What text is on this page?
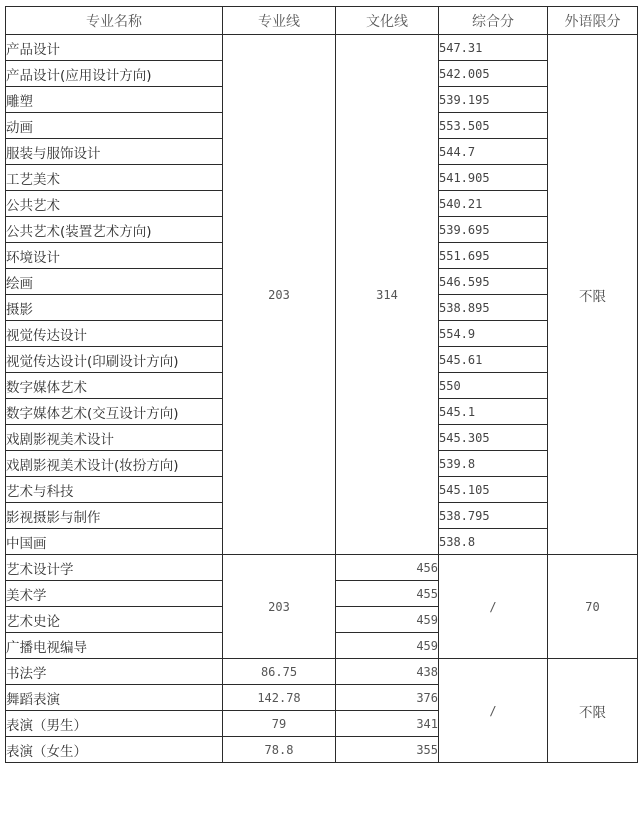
专业名称	专业线	文化线	综合分	外语限分
产品设计	203	314	547.31	不限
产品设计(应用设计方向)			542.005	
雕塑			539.195	
动画			553.505	
服装与服饰设计			544.7	
工艺美术			541.905	
公共艺术			540.21	
公共艺术(装置艺术方向)			539.695	
环境设计			551.695	
绘画			546.595	
摄影			538.895	
视觉传达设计			554.9	
视觉传达设计(印刷设计方向)			545.61	
数字媒体艺术			550	
数字媒体艺术(交互设计方向)			545.1	
戏剧影视美术设计			545.305	
戏剧影视美术设计(妆扮方向)			539.8	
艺术与科技			545.105	
影视摄影与制作			538.795	
中国画			538.8	
艺术设计学	203	456	/	70
美术学		455		
艺术史论		459		
广播电视编导		459		
书法学	86.75	438	/	不限
舞蹈表演	142.78	376		
表演（男生）	79	341		
表演（女生）	78.8	355		
